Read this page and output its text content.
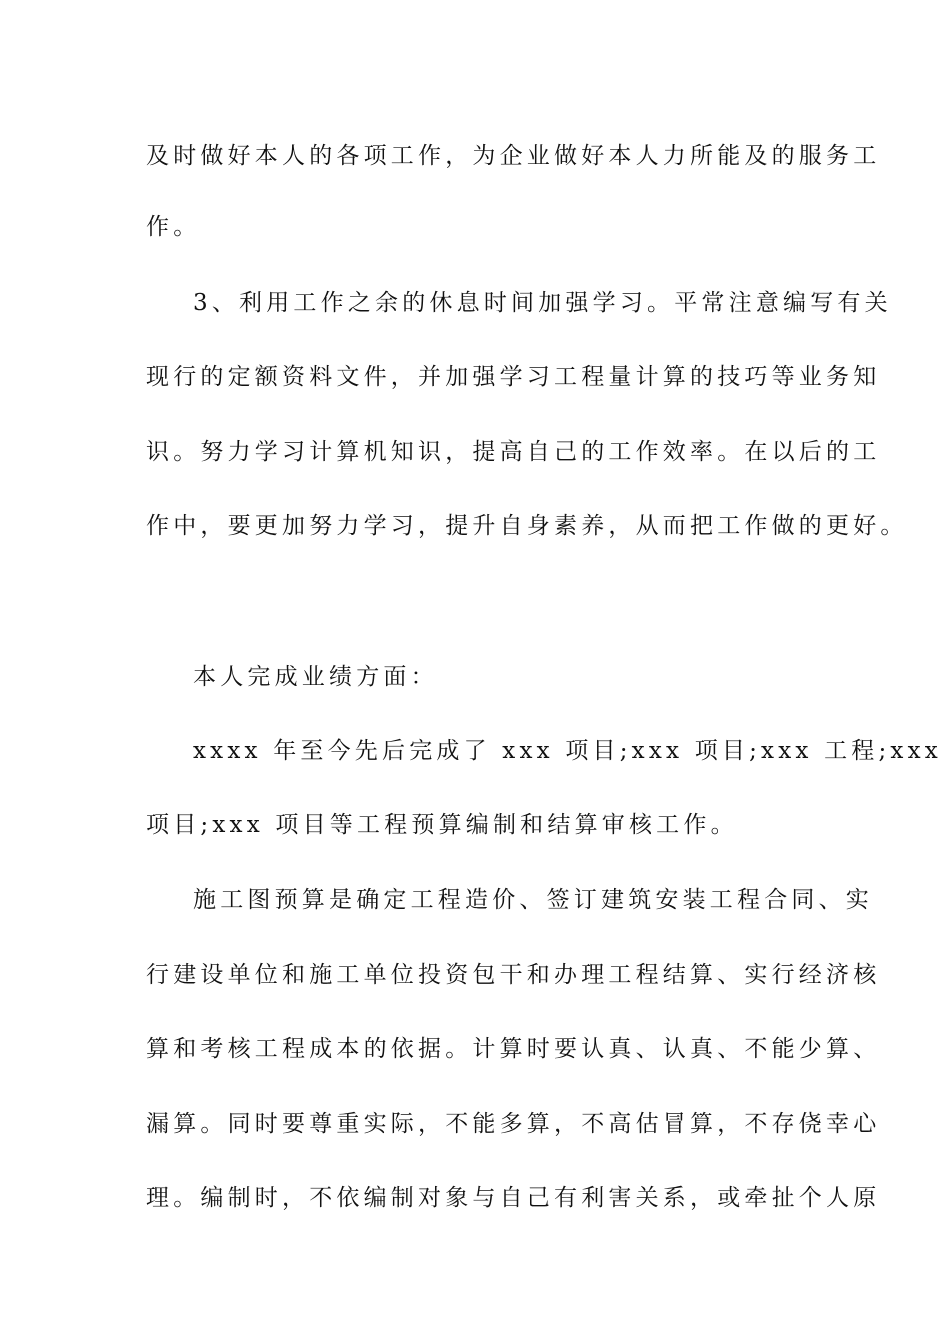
及时做好本人的各项工作，为企业做好本人力所能及的服务工

作。

3、利用工作之余的休息时间加强学习。平常注意编写有关

现行的定额资料文件，并加强学习工程量计算的技巧等业务知

识。努力学习计算机知识，提高自己的工作效率。在以后的工

作中，要更加努力学习，提升自身素养，从而把工作做的更好。

本人完成业绩方面：

xxxx 年至今先后完成了 xxx 项目;xxx 项目;xxx 工程;xxx

项目;xxx 项目等工程预算编制和结算审核工作。

施工图预算是确定工程造价、签订建筑安装工程合同、实

行建设单位和施工单位投资包干和办理工程结算、实行经济核

算和考核工程成本的依据。计算时要认真、认真、不能少算、

漏算。同时要尊重实际，不能多算，不高估冒算，不存侥幸心

理。编制时，不依编制对象与自己有利害关系，或牵扯个人原
